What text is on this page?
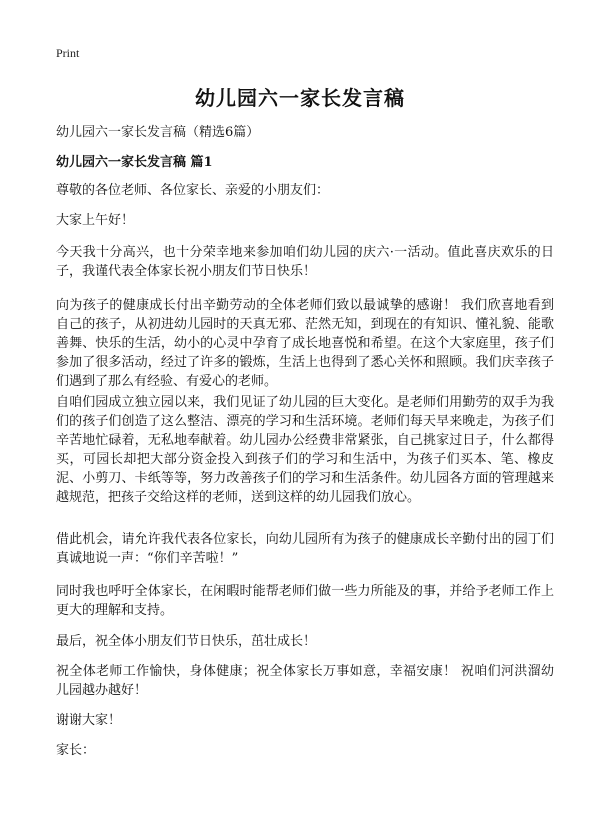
Print
幼儿园六一家长发言稿
幼儿园六一家长发言稿（精选6篇）
幼儿园六一家长发言稿 篇1
尊敬的各位老师、各位家长、亲爱的小朋友们：
大家上午好！
今天我十分高兴，也十分荣幸地来参加咱们幼儿园的庆六·一活动。值此喜庆欢乐的日子，我谨代表全体家长祝小朋友们节日快乐！
向为孩子的健康成长付出辛勤劳动的全体老师们致以最诚挚的感谢！ 我们欣喜地看到自己的孩子，从初进幼儿园时的天真无邪、茫然无知，到现在的有知识、懂礼貌、能歌善舞、快乐的生活，幼小的心灵中孕育了成长地喜悦和希望。在这个大家庭里，孩子们参加了很多活动，经过了许多的锻炼，生活上也得到了悉心关怀和照顾。我们庆幸孩子们遇到了那么有经验、有爱心的老师。
自咱们园成立独立园以来，我们见证了幼儿园的巨大变化。是老师们用勤劳的双手为我们的孩子们创造了这么整洁、漂亮的学习和生活环境。老师们每天早来晚走，为孩子们辛苦地忙碌着，无私地奉献着。幼儿园办公经费非常紧张，自己挑家过日子，什么都得买，可园长却把大部分资金投入到孩子们的学习和生活中，为孩子们买本、笔、橡皮泥、小剪刀、卡纸等等，努力改善孩子们的学习和生活条件。幼儿园各方面的管理越来越规范，把孩子交给这样的老师，送到这样的幼儿园我们放心。
借此机会，请允许我代表各位家长，向幼儿园所有为孩子的健康成长辛勤付出的园丁们真诚地说一声：“你们辛苦啦！”
同时我也呼吁全体家长，在闲暇时能帮老师们做一些力所能及的事，并给予老师工作上更大的理解和支持。
最后，祝全体小朋友们节日快乐，茁壮成长！
祝全体老师工作愉快，身体健康；祝全体家长万事如意，幸福安康！ 祝咱们河洪溜幼儿园越办越好！
谢谢大家！
家长：
